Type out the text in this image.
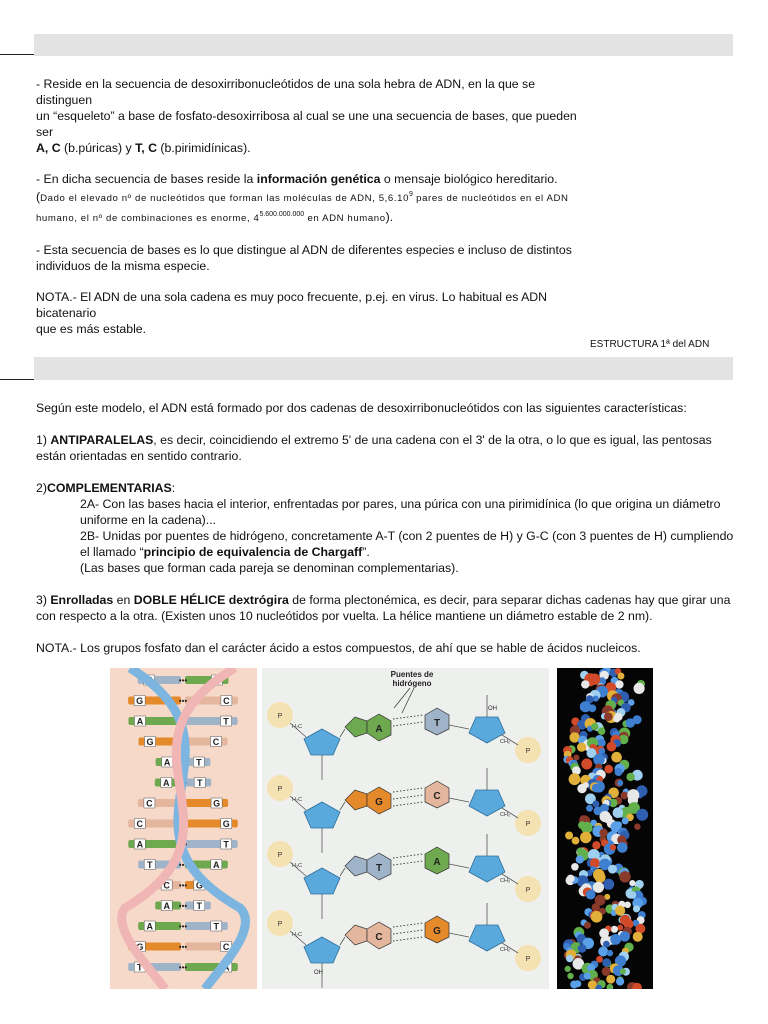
- Reside en la secuencia de desoxirribonucleótidos de una sola hebra de ADN, en la que se distinguen
un “esqueleto” a base de fosfato-desoxirribosa al cual se une una secuencia de bases, que pueden ser
A, C (b.púricas) y T, C (b.pirimidínicas).

- En dicha secuencia de bases reside la información genética o mensaje biológico hereditario.

(Dado el elevado nº de nucleótidos que forman las moléculas de ADN, 5,6.10$^9$ pares de nucleótidos en el ADN
humano, el nº de combinaciones es enorme, $4^{5.600.000.000}$ en ADN humano).

- Esta secuencia de bases es lo que distingue al ADN de diferentes especies e incluso de distintos
individuos de la misma especie.

NOTA.- El ADN de una sola cadena es muy poco frecuente, p.ej. en virus. Lo habitual es ADN bicatenario
que es más estable.

ESTRUCTURA 1ª del ADN

Según este modelo, el ADN está formado por dos cadenas de desoxirribonucleótidos con las siguientes características:

1) ANTIPARALELAS, es decir, coincidiendo el extremo 5' de una cadena con el 3' de la otra, o lo que es igual, las pentosas están orientadas en sentido contrario.

2)COMPLEMENTARIAS:

2A- Con las bases hacia el interior, enfrentadas por pares, una púrica con una pirimidínica (lo que origina un diámetro uniforme en la cadena)...

2B- Unidas por puentes de hidrógeno, concretamente A-T (con 2 puentes de H) y G-C (con 3 puentes de H) cumpliendo el llamado “principio de equivalencia de Chargaff”.

(Las bases que forman cada pareja se denominan complementarias).

3) Enrolladas en DOBLE HÉLICE dextrógira de forma plectonémica, es decir, para separar dichas cadenas hay que girar una con respecto a la otra. (Existen unos 10 nucleótidos por vuelta. La hélice mantiene un diámetro estable de 2 nm).

NOTA.- Los grupos fosfato dan el carácter ácido a estos compuestos, de ahí que se hable de ácidos nucleicos.

T	A
•••
G	C
•••
A	T
•••
G	C
•••
A	T
•••
A	T
•••
C	G
•••
C	G
•••
A	T
•••
T	A
•••
C	G
•••
A	T
•••
A	T
•••
G	C
•••
T	A
•••
Puentes de
hidrógeno
P
P
H₂C
CH₂
A
T
P
P
H₂C
CH₂
G
C
P
P
H₂C
CH₂
T
A
P
P
H₂C
CH₂
C
G
OH
OH
